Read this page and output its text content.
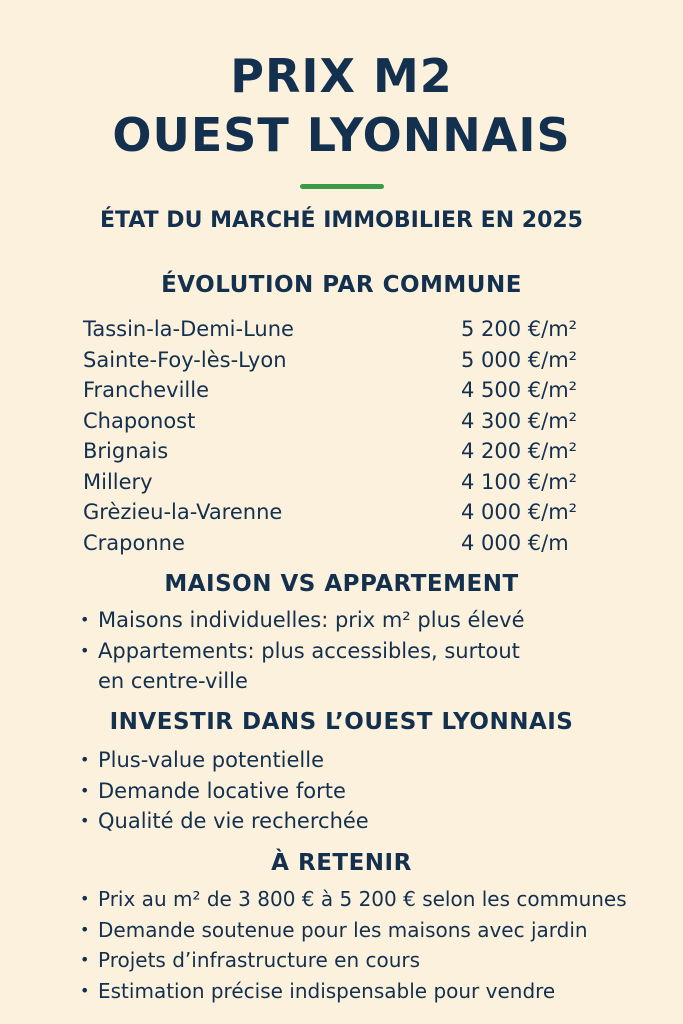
PRIX M2
OUEST LYONNAIS
ÉTAT DU MARCHÉ IMMOBILIER EN 2025
ÉVOLUTION PAR COMMUNE
Tassin-la-Demi-Lune	5 200 €/m²
Sainte-Foy-lès-Lyon	5 000 €/m²
Francheville	4 500 €/m²
Chaponost	4 300 €/m²
Brignais	4 200 €/m²
Millery	4 100 €/m²
Grèzieu-la-Varenne	4 000 €/m²
Craponne	4 000 €/m
MAISON VS APPARTEMENT
• Maisons individuelles: prix m² plus élevé
• Appartements: plus accessibles, surtout
en centre-ville
INVESTIR DANS L’OUEST LYONNAIS
• Plus-value potentielle
• Demande locative forte
• Qualité de vie recherchée
À RETENIR
• Prix au m² de 3 800 € à 5 200 € selon les communes
• Demande soutenue pour les maisons avec jardin
• Projets d’infrastructure en cours
• Estimation précise indispensable pour vendre
